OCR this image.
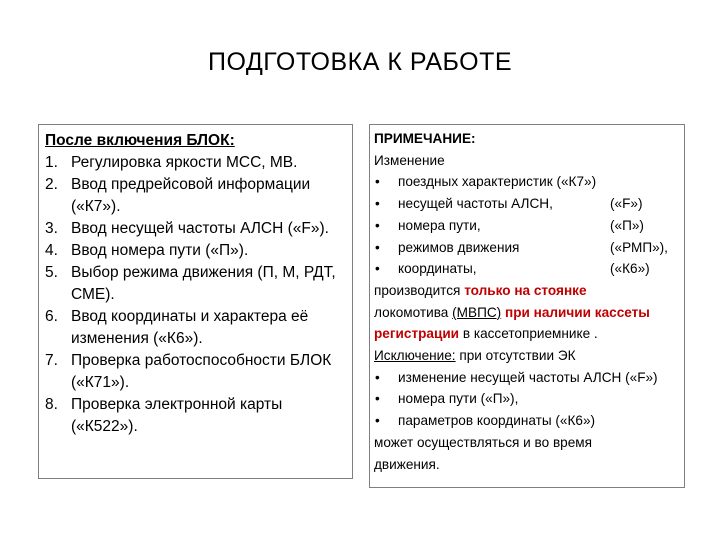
ПОДГОТОВКА К РАБОТЕ
После включения БЛОК:
1. Регулировка яркости МСС, МВ.
2. Ввод предрейсовой информации («К7»).
3. Ввод несущей частоты АЛСН («F»).
4. Ввод номера пути («П»).
5. Выбор режима движения (П, М, РДТ, СМЕ).
6. Ввод координаты и характера её изменения («К6»).
7. Проверка работоспособности БЛОК («К71»).
8. Проверка электронной карты («К522»).
ПРИМЕЧАНИЕ:
Изменение
• поездных характеристик («К7»)
• несущей частоты АЛСН,	(«F»)
• номера пути,	(«П»)
• режимов движения	(«РМП»),
• координаты,	(«К6»)
производится только на стоянке
локомотива (МВПС) при наличии кассеты
регистрации в кассетоприемнике .
Исключение: при отсутствии ЭК
• изменение несущей частоты АЛСН («F»)
• номера пути («П»),
• параметров координаты («К6»)
может осуществляться и во время
движения.
